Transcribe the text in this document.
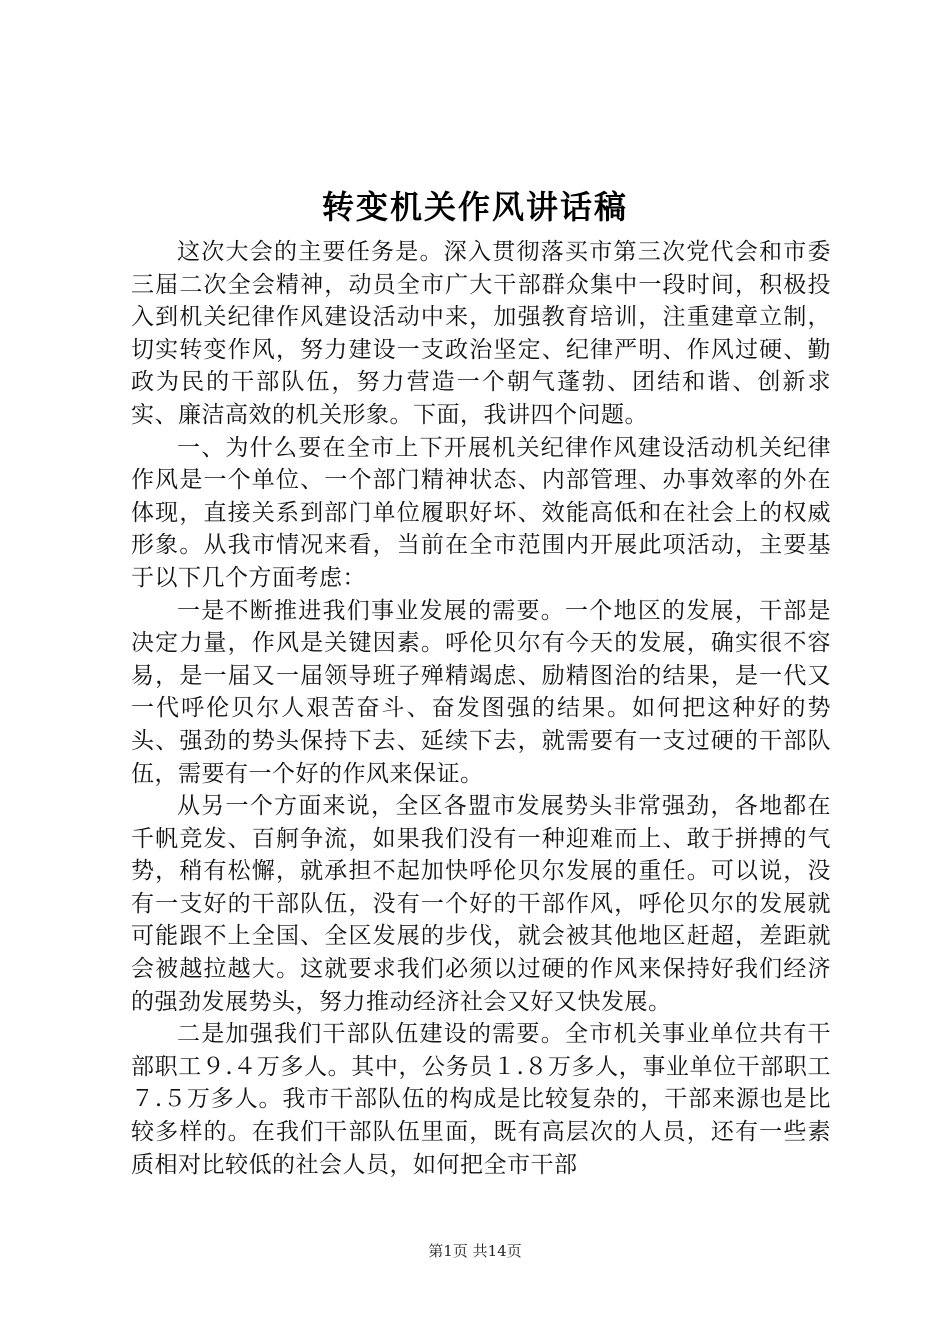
转变机关作风讲话稿

这次大会的主要任务是。深入贯彻落买市第三次党代会和市委三届二次全会精神，动员全市广大干部群众集中一段时间，积极投入到机关纪律作风建设活动中来，加强教育培训，注重建章立制，切实转变作风，努力建设一支政治坚定、纪律严明、作风过硬、勤政为民的干部队伍，努力营造一个朝气蓬勃、团结和谐、创新求实、廉洁高效的机关形象。下面，我讲四个问题。

一、为什么要在全市上下开展机关纪律作风建设活动机关纪律作风是一个单位、一个部门精神状态、内部管理、办事效率的外在体现，直接关系到部门单位履职好坏、效能高低和在社会上的权威形象。从我市情况来看，当前在全市范围内开展此项活动，主要基于以下几个方面考虑：

一是不断推进我们事业发展的需要。一个地区的发展，干部是决定力量，作风是关键因素。呼伦贝尔有今天的发展，确实很不容易，是一届又一届领导班子殚精竭虑、励精图治的结果，是一代又一代呼伦贝尔人艰苦奋斗、奋发图强的结果。如何把这种好的势头、强劲的势头保持下去、延续下去，就需要有一支过硬的干部队伍，需要有一个好的作风来保证。

从另一个方面来说，全区各盟市发展势头非常强劲，各地都在千帆竞发、百舸争流，如果我们没有一种迎难而上、敢于拼搏的气势，稍有松懈，就承担不起加快呼伦贝尔发展的重任。可以说，没有一支好的干部队伍，没有一个好的干部作风，呼伦贝尔的发展就可能跟不上全国、全区发展的步伐，就会被其他地区赶超，差距就会被越拉越大。这就要求我们必须以过硬的作风来保持好我们经济的强劲发展势头，努力推动经济社会又好又快发展。

二是加强我们干部队伍建设的需要。全市机关事业单位共有干部职工９.４万多人。其中，公务员１.８万多人，事业单位干部职工７.５万多人。我市干部队伍的构成是比较复杂的，干部来源也是比较多样的。在我们干部队伍里面，既有高层次的人员，还有一些素质相对比较低的社会人员，如何把全市干部

第1页 共14页
